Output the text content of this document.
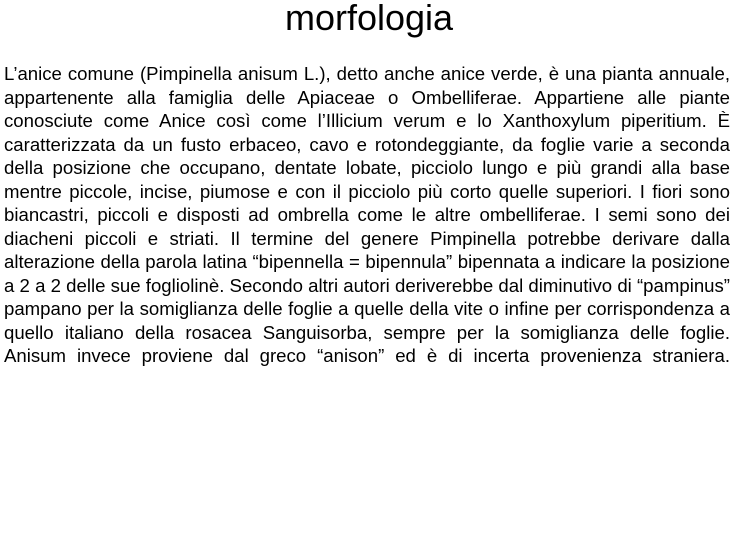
morfologia

L’anice comune (Pimpinella anisum L.), detto anche anice verde, è una pianta annuale, appartenente alla famiglia delle Apiaceae o Ombelliferae. Appartiene alle piante conosciute come Anice così come l’Illicium verum e lo Xanthoxylum piperitium. È caratterizzata da un fusto erbaceo, cavo e rotondeggiante, da foglie varie a seconda della posizione che occupano, dentate lobate, picciolo lungo e più grandi alla base mentre piccole, incise, piumose e con il picciolo più corto quelle superiori. I fiori sono biancastri, piccoli e disposti ad ombrella come le altre ombelliferae. I semi sono dei diacheni piccoli e striati. Il termine del genere Pimpinella potrebbe derivare dalla alterazione della parola latina “bipennella = bipennula” bipennata a indicare la posizione a 2 a 2 delle sue fogliolinè. Secondo altri autori deriverebbe dal diminutivo di “pampinus” pampano per la somiglianza delle foglie a quelle della vite o infine per corrispondenza a quello italiano della rosacea Sanguisorba, sempre per la somiglianza delle foglie. Anisum invece proviene dal greco “anison” ed è di incerta provenienza straniera.
